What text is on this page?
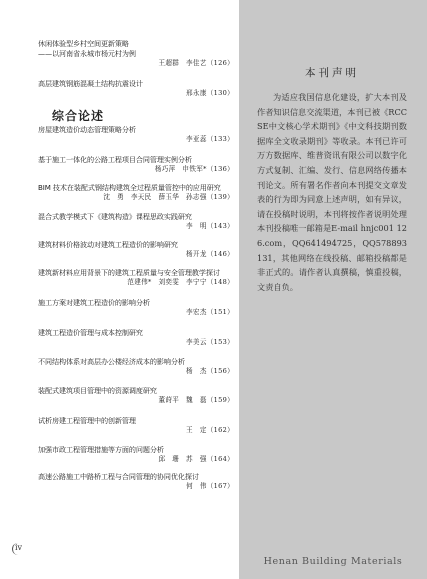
休闲体验型乡村空间更新策略
——以河南省永城市杨元村为例
王超群　李佳艺（126）
高层建筑钢筋混凝土结构抗震设计
邢永康（130）
综合论述
房屋建筑造价动态管理策略分析
李亚蕊（133）
基于施工一体化的公路工程项目合同管理实例分析
杨巧萍　申铁军*（136）
BIM 技术在装配式钢结构建筑全过程质量管控中的应用研究
沈　勇　李天民　薛玉华　孙志强（139）
混合式教学模式下《建筑构造》课程思政实践研究
李　明（143）
建筑材料价格波动对建筑工程造价的影响研究
杨开龙（146）
建筑新材料应用背景下的建筑工程质量与安全管理教学探讨
范建伟*　刘奕雯　李宁宁（148）
施工方案对建筑工程造价的影响分析
李宏杰（151）
建筑工程造价管理与成本控制研究
李美云（153）
不同结构体系对高层办公楼经济成本的影响分析
杨　杰（156）
装配式建筑项目管理中的资源调度研究
董莳平　魏　磊（159）
试析房建工程管理中的创新管理
王　定（162）
加强市政工程管理措施等方面的问题分析
邱　珊　苏　强（164）
高速公路施工中路桥工程与合同管理的协同优化探讨
何　伟（167）
本刊声明
为适应我国信息化建设，扩大本刊及作者知识信息交流渠道，本刊已被《RCCSE中文核心学术期刊》《中文科技期刊数据库全文收录期刊》等收录。本刊已许可万方数据库、维普资讯有限公司以数字化方式复制、汇编、发行、信息网络传播本刊论文。所有署名作者向本刊提交文章发表的行为即为同意上述声明，如有异议，请在投稿时说明，本刊将按作者说明处理本刊投稿唯一邮箱是E-mail hnjc001 126.com，QQ641494725，QQ578893131，其他网络在线投稿、邮箱投稿都是非正式的。请作者认真撰稿，慎重投稿，文责自负。
iv
Henan Building Materials
